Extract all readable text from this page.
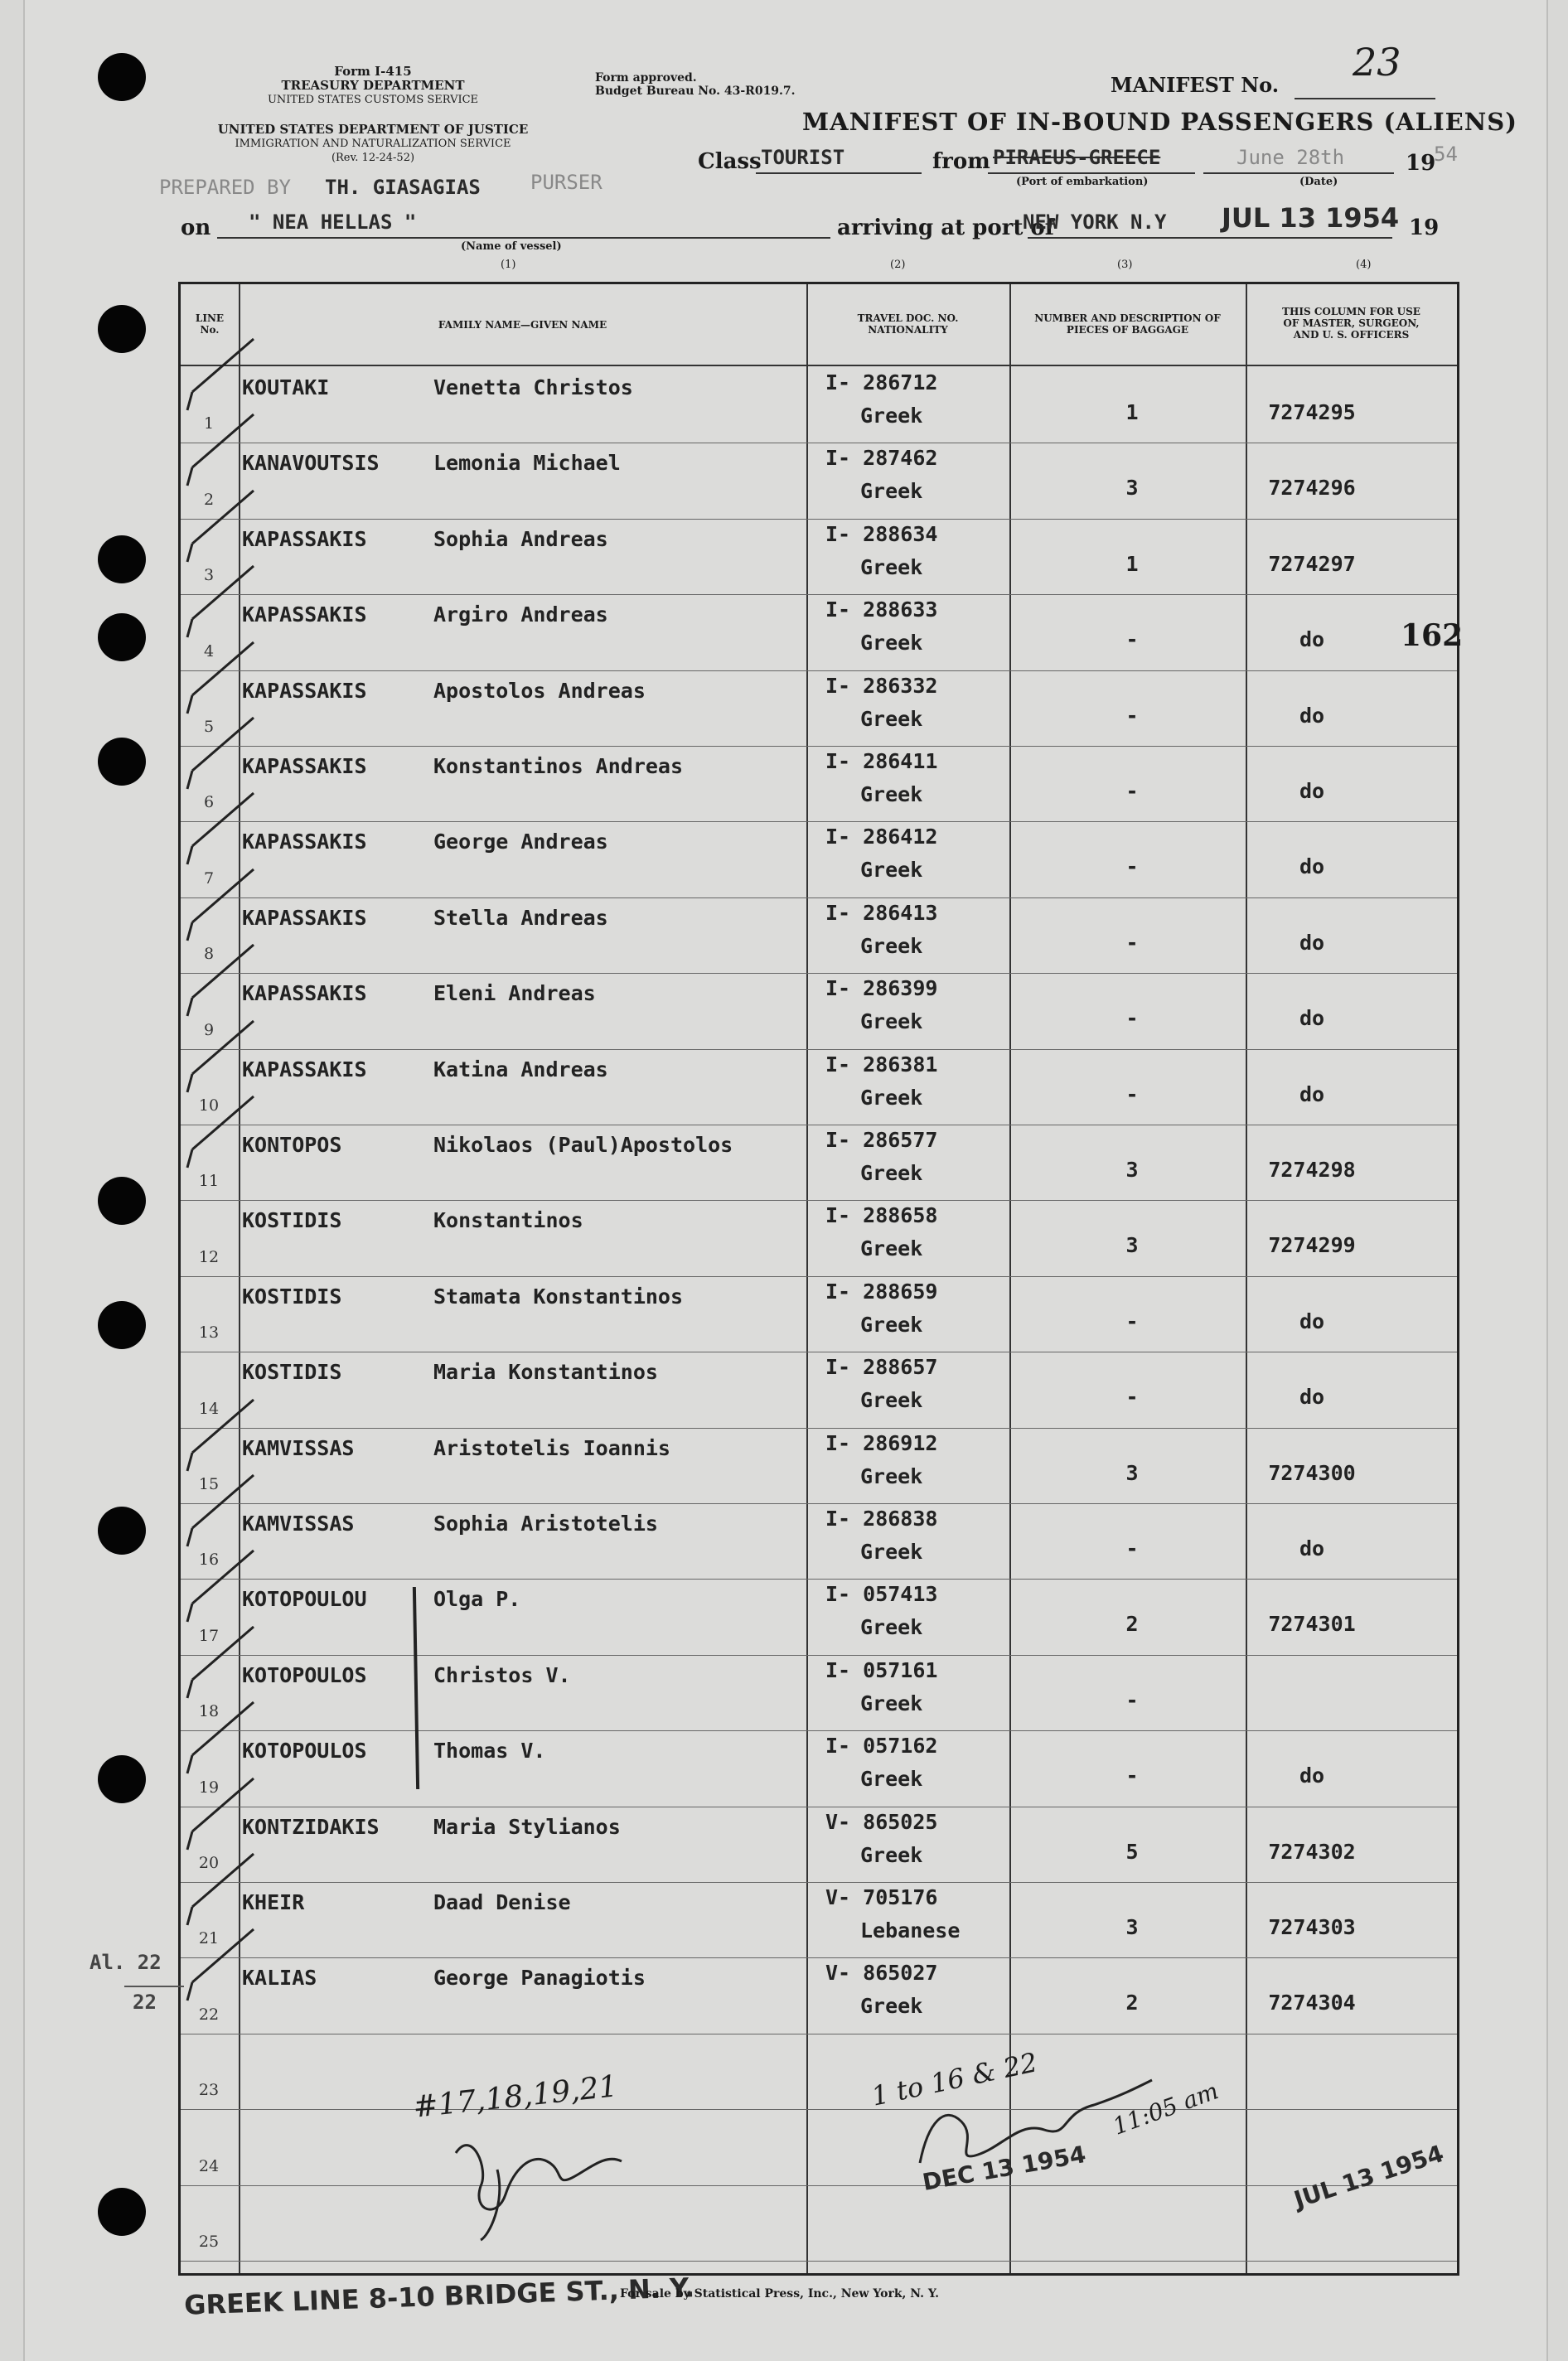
Form I-415
TREASURY DEPARTMENT
UNITED STATES CUSTOMS SERVICE
Form approved.
Budget Bureau No. 43-R019.7.
UNITED STATES DEPARTMENT OF JUSTICE
IMMIGRATION AND NATURALIZATION SERVICE
(Rev. 12-24-52)
MANIFEST No.
23
MANIFEST OF IN-BOUND PASSENGERS (ALIENS)
Class TOURIST	from PIRAEUS-GREECE
(Port of embarkation)
June 28th
(Date)
19
54
PREPARED BY TH. GIASAGIAS	PURSER
on " NEA HELLAS "
(Name of vessel)
arriving at port of
NEW YORK N.Y JUL 13 1954 19
(1)	(2)	(3)	(4)
LINE
No.	FAMILY NAME—GIVEN NAME
TRAVEL DOC. NO.
NATIONALITY
NUMBER AND DESCRIPTION OF
PIECES OF BAGGAGE
THIS COLUMN FOR USE
OF MASTER, SURGEON,
AND U. S. OFFICERS
1
KOUTAKI	Venetta Christos	I- 286712
Greek	1	7274295
2
KANAVOUTSIS	Lemonia Michael	I- 287462
Greek	3	7274296
3
KAPASSAKIS	Sophia Andreas	I- 288634
Greek	1	7274297
4
KAPASSAKIS	Argiro Andreas	I- 288633
Greek	-	do
5
KAPASSAKIS	Apostolos Andreas	I- 286332
Greek	-	do
6
KAPASSAKIS	Konstantinos Andreas	I- 286411
Greek	-	do
7
KAPASSAKIS	George Andreas	I- 286412
Greek	-	do
8
KAPASSAKIS	Stella Andreas	I- 286413
Greek	-	do
9
KAPASSAKIS	Eleni Andreas	I- 286399
Greek	-	do
10
KAPASSAKIS	Katina Andreas	I- 286381
Greek	-	do
11
KONTOPOS	Nikolaos (Paul)Apostolos	I- 286577
Greek	3	7274298
12
KOSTIDIS	Konstantinos	I- 288658
Greek	3	7274299
13
KOSTIDIS	Stamata Konstantinos	I- 288659
Greek	-	do
14
KOSTIDIS	Maria Konstantinos	I- 288657
Greek	-	do
15
KAMVISSAS	Aristotelis Ioannis	I- 286912
Greek	3	7274300
16
KAMVISSAS	Sophia Aristotelis	I- 286838
Greek	-	do
17
KOTOPOULOU	Olga P.	I- 057413
Greek	2	7274301
18
KOTOPOULOS	Christos V.	I- 057161
Greek	-
19
KOTOPOULOS	Thomas V.	I- 057162
Greek	-	do
20
KONTZIDAKIS	Maria Stylianos	V- 865025
Greek	5	7274302
21
KHEIR	Daad Denise	V- 705176
Lebanese	3	7274303
22
KALIAS	George Panagiotis	V- 865027
Greek	2	7274304
23
24
25
162
Al. 22
22
#17,18,19,21	1 to 16 & 22	11:05 am
DEC 13 1954	JUL 13 1954
GREEK LINE 8-10 BRIDGE ST., N. Y.
For sale by Statistical Press, Inc., New York, N. Y.
